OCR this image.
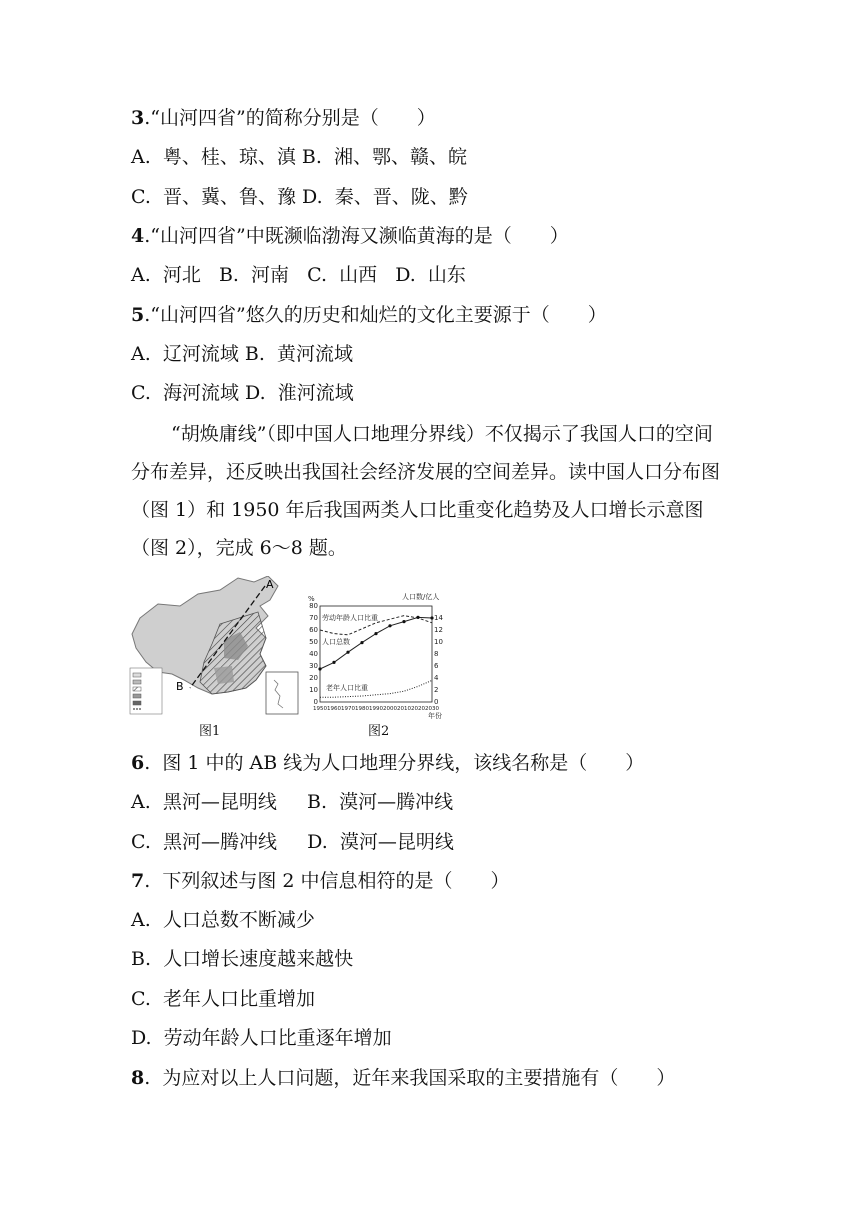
3.“山河四省”的简称分别是（　　）
A.  粤、桂、琼、滇 B.  湘、鄂、赣、皖
C.  晋、冀、鲁、豫 D.  秦、晋、陇、黔
4.“山河四省”中既濒临渤海又濒临黄海的是（　　）
A.  河北   B.  河南   C.  山西   D.  山东
5.“山河四省”悠久的历史和灿烂的文化主要源于（　　）
A.  辽河流域 B.  黄河流域
C.  海河流域 D.  淮河流域
“胡焕庸线”（即中国人口地理分界线）不仅揭示了我国人口的空间分布差异，还反映出我国社会经济发展的空间差异。读中国人口分布图（图 1）和 1950 年后我国两类人口比重变化趋势及人口增长示意图（图 2），完成 6～8 题。
A
B
图1
%	人口数/亿人
0
10
20
30
40
50
60
70
80
0
2
4
6
8
10
12
14
1950 1960 1970 1980 1990 2000 2010 2020 2030
劳动年龄人口比重
人口总数
老年人口比重
年份
图2
6.  图 1 中的 AB 线为人口地理分界线，该线名称是（　　）
A.  黑河—昆明线     B.  漠河—腾冲线
C.  黑河—腾冲线     D.  漠河—昆明线
7.  下列叙述与图 2 中信息相符的是（　　）
A.  人口总数不断减少
B.  人口增长速度越来越快
C.  老年人口比重增加
D.  劳动年龄人口比重逐年增加
8.  为应对以上人口问题，近年来我国采取的主要措施有（　　）
